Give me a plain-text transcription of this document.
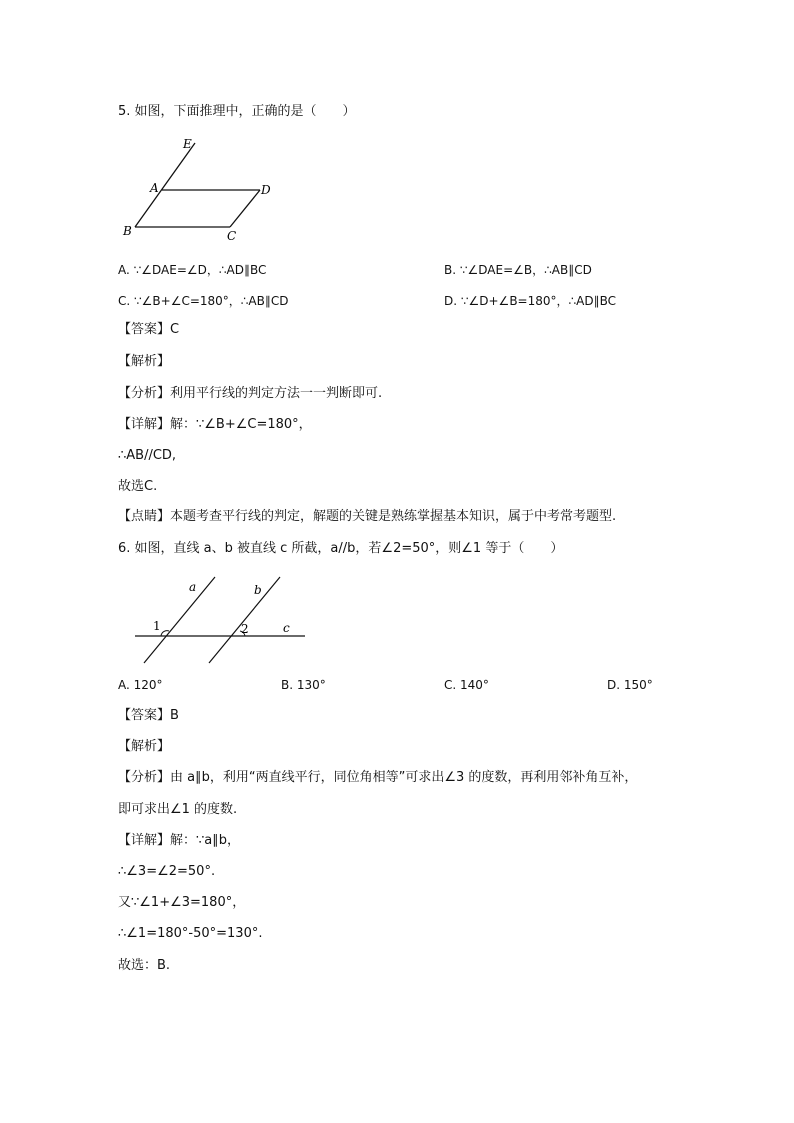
5. 如图，下面推理中，正确的是（　　）
E
A	D
B	C
A. ∵∠DAE=∠D，∴AD∥BC	B. ∵∠DAE=∠B，∴AB∥CD
C. ∵∠B+∠C=180°，∴AB∥CD	D. ∵∠D+∠B=180°，∴AD∥BC
【答案】C
【解析】
【分析】利用平行线的判定方法一一判断即可.
【详解】解：∵∠B+∠C=180°，
∴AB//CD,
故选C.
【点睛】本题考查平行线的判定，解题的关键是熟练掌握基本知识，属于中考常考题型.
6. 如图，直线 a、b 被直线 c 所截，a//b，若∠2=50°，则∠1 等于（　　）
a	b
c
1	2
A. 120°	B. 130°	C. 140°	D. 150°
【答案】B
【解析】
【分析】由 a∥b，利用“两直线平行，同位角相等”可求出∠3 的度数，再利用邻补角互补，
即可求出∠1 的度数.
【详解】解：∵a∥b，
∴∠3=∠2=50°.
又∵∠1+∠3=180°，
∴∠1=180°-50°=130°.
故选：B.
